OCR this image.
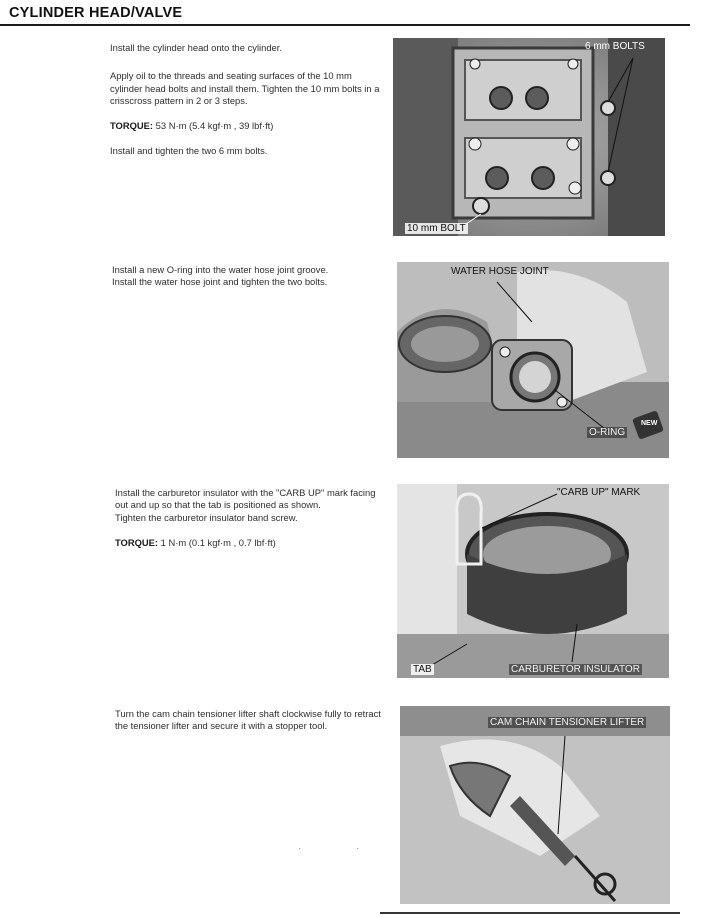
CYLINDER HEAD/VALVE

Install the cylinder head onto the cylinder.

Apply oil to the threads and seating surfaces of the 10 mm cylinder head bolts and install them. Tighten the 10 mm bolts in a crisscross pattern in 2 or 3 steps.

TORQUE: 53 N·m (5.4 kgf·m , 39 lbf·ft)

Install and tighten the two 6 mm bolts.

6 mm BOLTS
10 mm BOLT

Install a new O-ring into the water hose joint groove.

Install the water hose joint and tighten the two bolts.

WATER HOSE JOINT
O-RING
NEW

Install the carburetor insulator with the "CARB UP" mark facing out and up so that the tab is positioned as shown.

Tighten the carburetor insulator band screw.

TORQUE: 1 N·m (0.1 kgf·m , 0.7 lbf·ft)

"CARB UP" MARK
TAB	CARBURETOR INSULATOR

Turn the cam chain tensioner lifter shaft clockwise fully to retract the tensioner lifter and secure it with a stopper tool.	CAM CHAIN TENSIONER LIFTER
·	·
